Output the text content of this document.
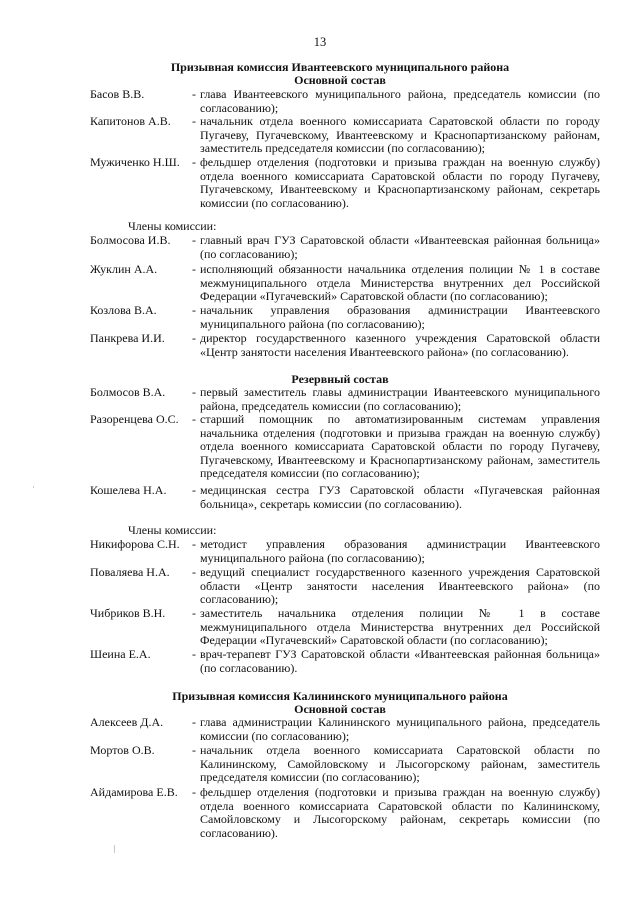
13
Призывная комиссия Ивантеевского муниципального района
Основной состав
Басов В.В.	- глава Ивантеевского муниципального района, председатель комиссии (по согласованию);
Капитонов А.В.	- начальник отдела военного комиссариата Саратовской области по городу Пугачеву, Пугачевскому, Ивантеевскому и Краснопартизанскому районам, заместитель председателя комиссии (по согласованию);
Мужиченко Н.Ш.	- фельдшер отделения (подготовки и призыва граждан на военную службу) отдела военного комиссариата Саратовской области по городу Пугачеву, Пугачевскому, Ивантеевскому и Краснопартизанскому районам, секретарь комиссии (по согласованию).
Члены комиссии:
Болмосова И.В.	- главный врач ГУЗ Саратовской области «Ивантеевская районная больница» (по согласованию);
Жуклин А.А.	- исполняющий обязанности начальника отделения полиции № 1 в составе межмуниципального отдела Министерства внутренних дел Российской Федерации «Пугачевский» Саратовской области (по согласованию);
Козлова В.А.	- начальник управления образования администрации Ивантеевского муниципального района (по согласованию);
Панкрева И.И.	- директор государственного казенного учреждения Саратовской области «Центр занятости населения Ивантеевского района» (по согласованию).
Резервный состав
Болмосов В.А.	- первый заместитель главы администрации Ивантеевского муниципального района, председатель комиссии (по согласованию);
Разоренцева О.С.	- старший помощник по автоматизированным системам управления начальника отделения (подготовки и призыва граждан на военную службу) отдела военного комиссариата Саратовской области по городу Пугачеву, Пугачевскому, Ивантеевскому и Краснопартизанскому районам, заместитель председателя комиссии (по согласованию);
Кошелева Н.А.	- медицинская сестра ГУЗ Саратовской области «Пугачевская районная больница», секретарь комиссии (по согласованию).
Члены комиссии:
Никифорова С.Н.	- методист управления образования администрации Ивантеевского муниципального района (по согласованию);
Поваляева Н.А.	- ведущий специалист государственного казенного учреждения Саратовской области «Центр занятости населения Ивантеевского района» (по согласованию);
Чибриков В.Н.	- заместитель начальника отделения полиции № 1 в составе межмуниципального отдела Министерства внутренних дел Российской Федерации «Пугачевский» Саратовской области (по согласованию);
Шеина Е.А.	- врач-терапевт ГУЗ Саратовской области «Ивантеевская районная больница» (по согласованию).
Призывная комиссия Калининского муниципального района
Основной состав
Алексеев Д.А.	- глава администрации Калининского муниципального района, председатель комиссии (по согласованию);
Мортов О.В.	- начальник отдела военного комиссариата Саратовской области по Калининскому, Самойловскому и Лысогорскому районам, заместитель председателя комиссии (по согласованию);
Айдамирова Е.В.	- фельдшер отделения (подготовки и призыва граждан на военную службу) отдела военного комиссариата Саратовской области по Калининскому, Самойловскому и Лысогорскому районам, секретарь комиссии (по согласованию).
